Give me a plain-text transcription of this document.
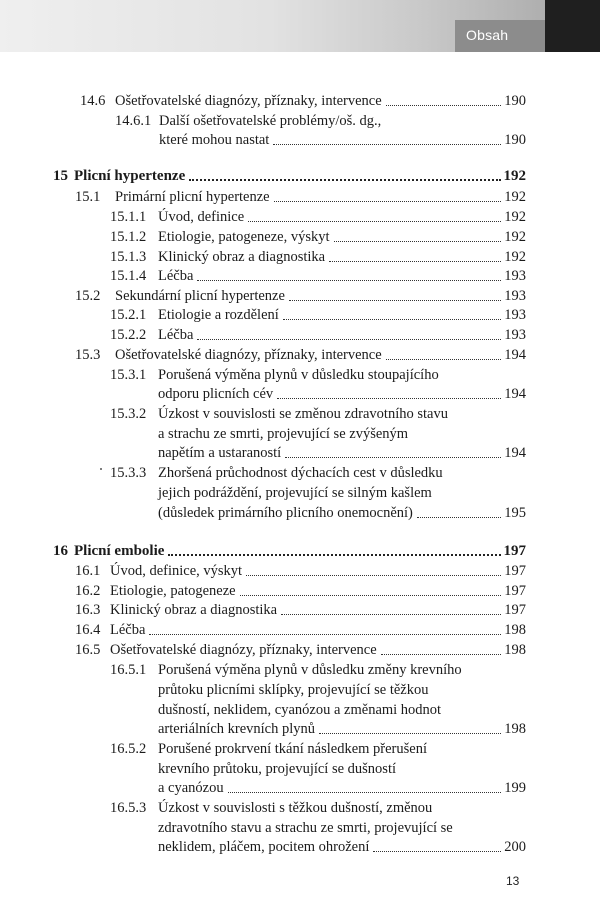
Obsah
14.6 Ošetřovatelské diagnózy, příznaky, intervence	190
14.6.1 Další ošetřovatelské problémy/oš. dg.,
které mohou nastat	190
15 Plicní hypertenze	192
15.1	Primární plicní hypertenze	192
15.1.1 Úvod, definice	192
15.1.2 Etiologie, patogeneze, výskyt	192
15.1.3 Klinický obraz a diagnostika	192
15.1.4 Léčba	193
15.2	Sekundární plicní hypertenze	193
15.2.1 Etiologie a rozdělení	193
15.2.2 Léčba	193
15.3	Ošetřovatelské diagnózy, příznaky, intervence	194
15.3.1 Porušená výměna plynů v důsledku stoupajícího
odporu plicních cév	194
15.3.2 Úzkost v souvislosti se změnou zdravotního stavu
a strachu ze smrti, projevující se zvýšeným
napětím a ustaraností	194
15.3.3 Zhoršená průchodnost dýchacích cest v důsledku
jejich podráždění, projevující se silným kašlem
(důsledek primárního plicního onemocnění)	195
16 Plicní embolie	197
16.1 Úvod, definice, výskyt	197
16.2 Etiologie, patogeneze	197
16.3 Klinický obraz a diagnostika	197
16.4 Léčba	198
16.5 Ošetřovatelské diagnózy, příznaky, intervence	198
16.5.1 Porušená výměna plynů v důsledku změny krevního
průtoku plicními sklípky, projevující se těžkou
dušností, neklidem, cyanózou a změnami hodnot
arteriálních krevních plynů	198
16.5.2 Porušené prokrvení tkání následkem přerušení
krevního průtoku, projevující se dušností
a cyanózou	199
16.5.3 Úzkost v souvislosti s těžkou dušností, změnou
zdravotního stavu a strachu ze smrti, projevující se
neklidem, pláčem, pocitem ohrožení	200
13
